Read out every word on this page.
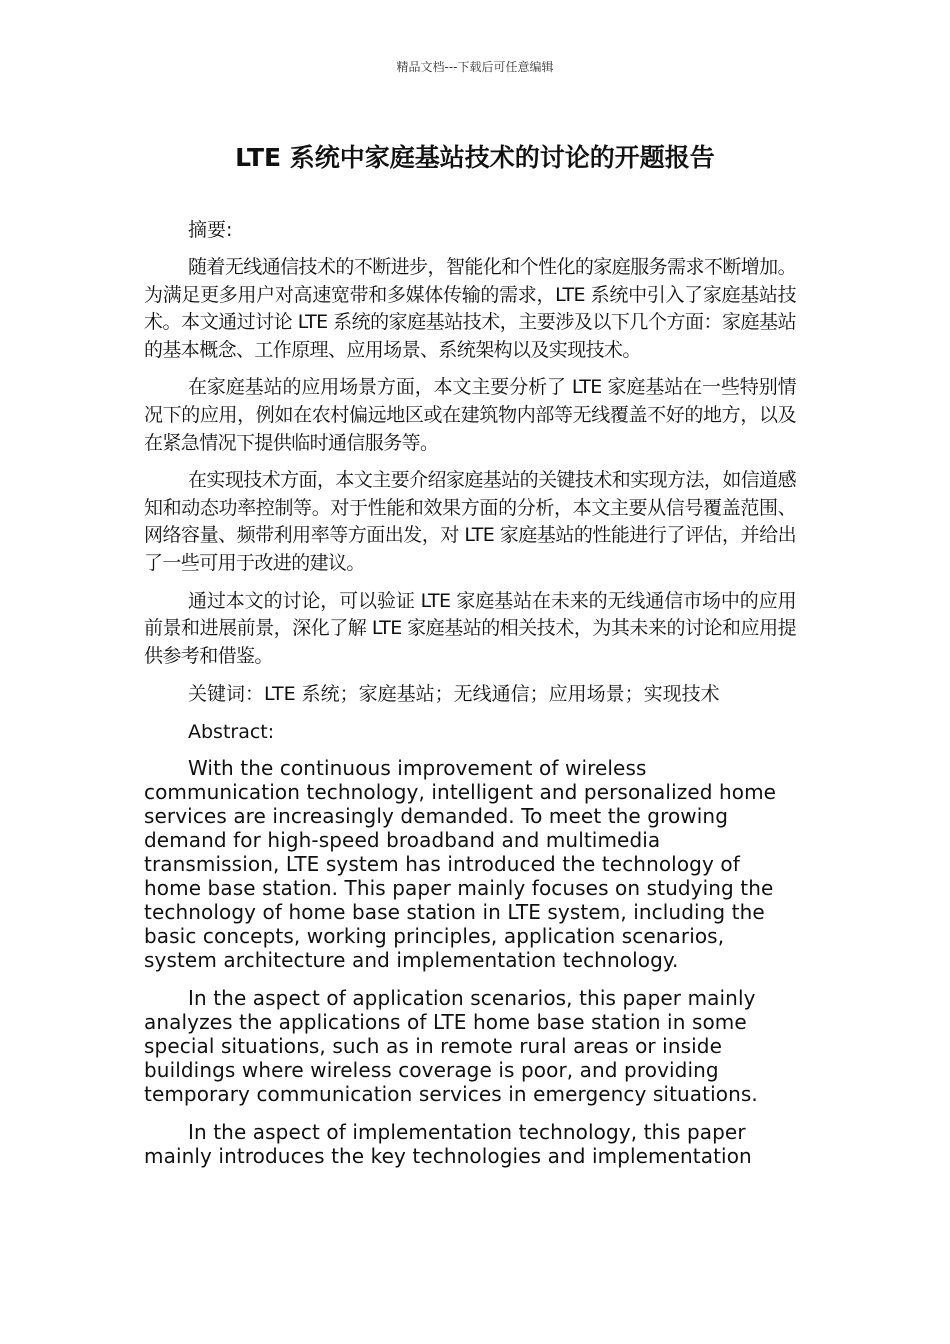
精品文档---下载后可任意编辑
LTE 系统中家庭基站技术的讨论的开题报告

摘要:

随着无线通信技术的不断进步，智能化和个性化的家庭服务需求不断增加。为满足更多用户对高速宽带和多媒体传输的需求，LTE 系统中引入了家庭基站技术。本文通过讨论 LTE 系统的家庭基站技术，主要涉及以下几个方面：家庭基站的基本概念、工作原理、应用场景、系统架构以及实现技术。

在家庭基站的应用场景方面，本文主要分析了 LTE 家庭基站在一些特别情况下的应用，例如在农村偏远地区或在建筑物内部等无线覆盖不好的地方，以及在紧急情况下提供临时通信服务等。

在实现技术方面，本文主要介绍家庭基站的关键技术和实现方法，如信道感知和动态功率控制等。对于性能和效果方面的分析，本文主要从信号覆盖范围、网络容量、频带利用率等方面出发，对 LTE 家庭基站的性能进行了评估，并给出了一些可用于改进的建议。

通过本文的讨论，可以验证 LTE 家庭基站在未来的无线通信市场中的应用前景和进展前景，深化了解 LTE 家庭基站的相关技术，为其未来的讨论和应用提供参考和借鉴。

关键词：LTE 系统；家庭基站；无线通信；应用场景；实现技术

Abstract:

With the continuous improvement of wireless communication technology, intelligent and personalized home services are increasingly demanded. To meet the growing demand for high-speed broadband and multimedia transmission, LTE system has introduced the technology of home base station. This paper mainly focuses on studying the technology of home base station in LTE system, including the basic concepts, working principles, application scenarios, system architecture and implementation technology.

In the aspect of application scenarios, this paper mainly analyzes the applications of LTE home base station in some special situations, such as in remote rural areas or inside buildings where wireless coverage is poor, and providing temporary communication services in emergency situations.

In the aspect of implementation technology, this paper mainly introduces the key technologies and implementation
